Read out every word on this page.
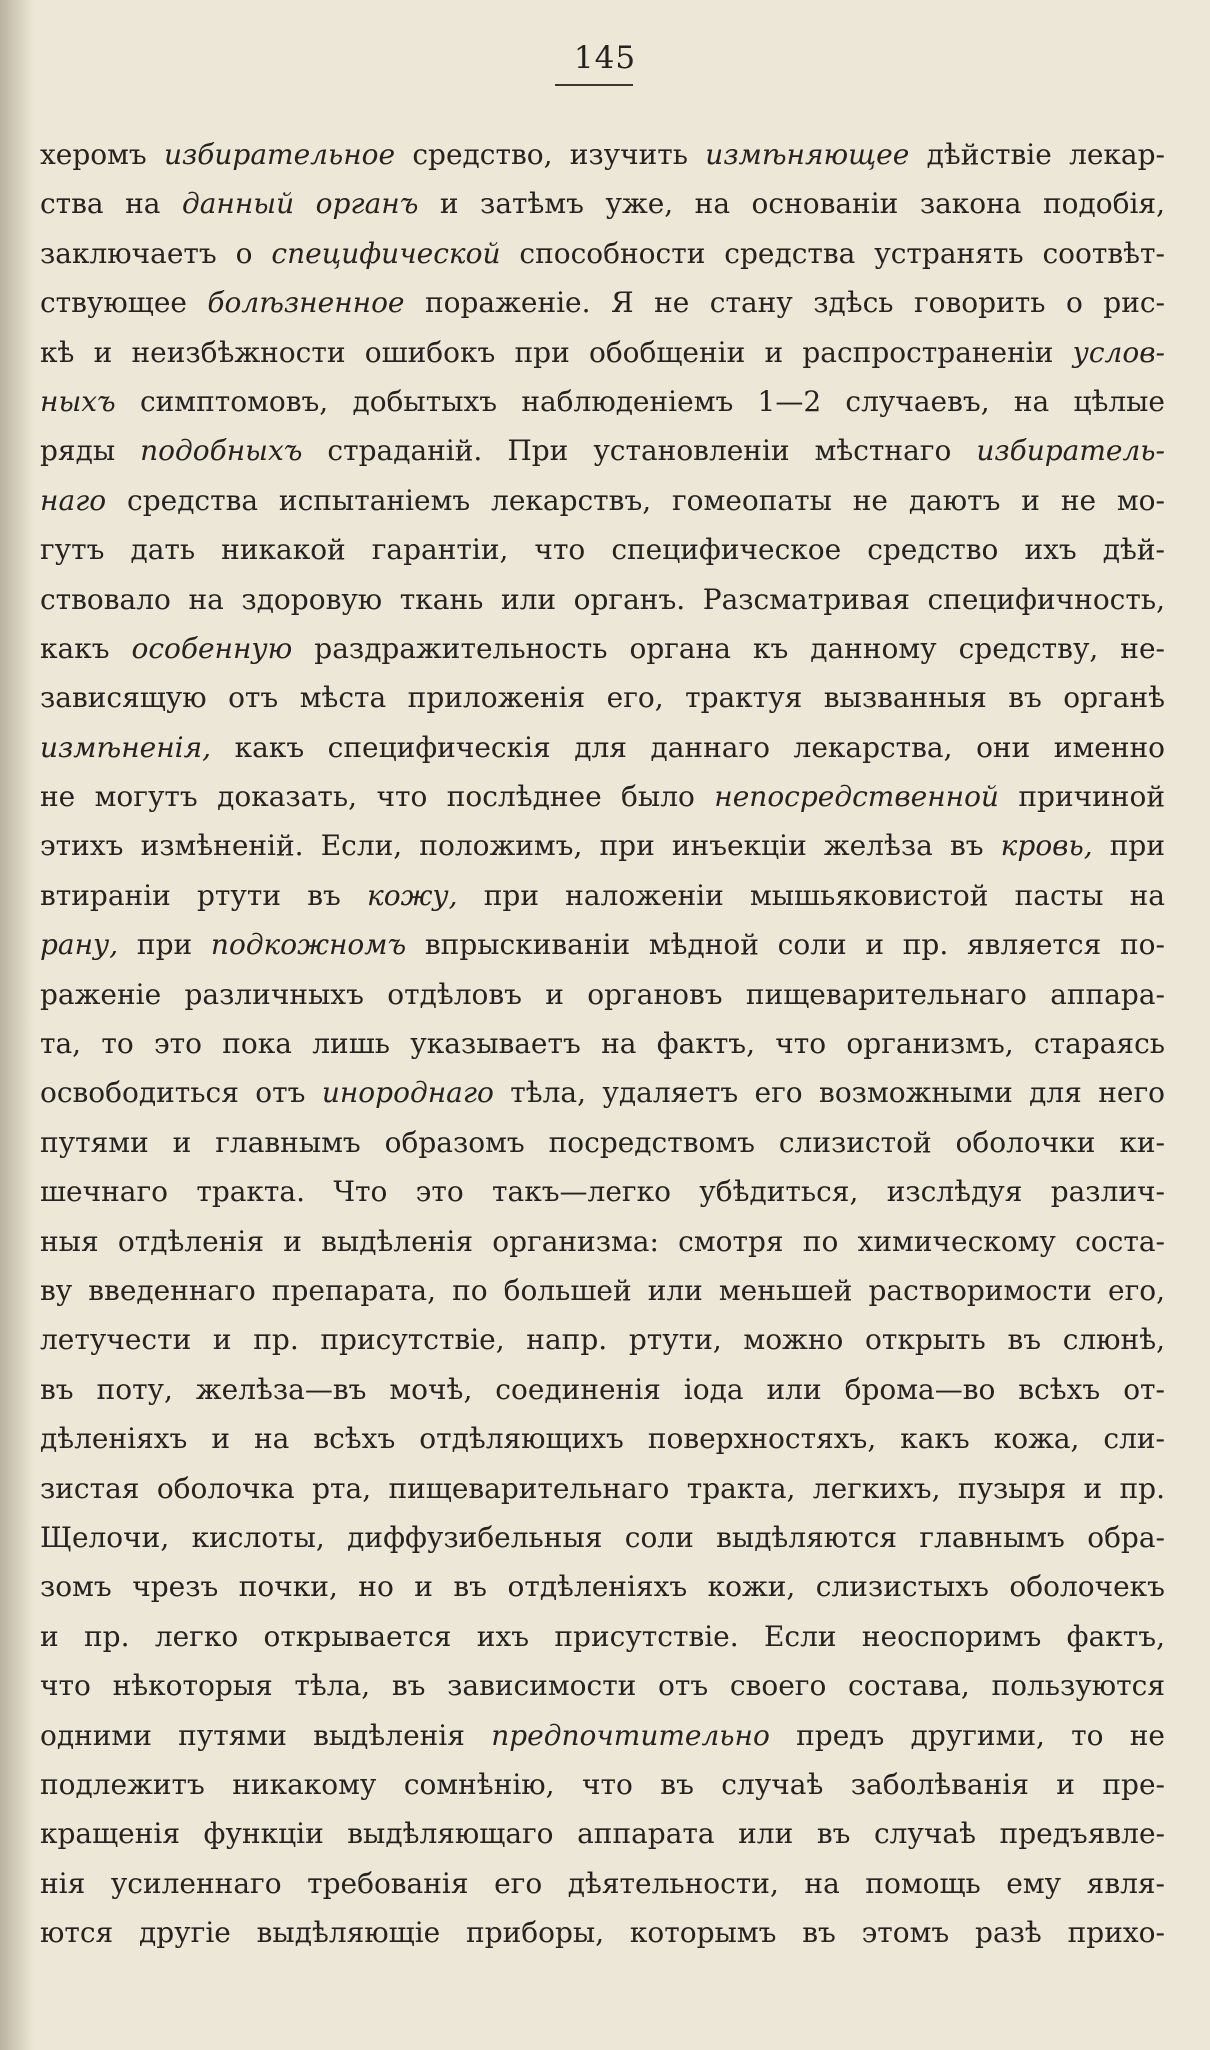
145
херомъ избирательное средство, изучить измѣняющее дѣйствіе лекар-
ства на данный органъ и затѣмъ уже, на основаніи закона подобія,
заключаетъ о специфической способности средства устранять соотвѣт-
ствующее болѣзненное пораженіе. Я не стану здѣсь говорить о рис-
кѣ и неизбѣжности ошибокъ при обобщеніи и распространеніи услов-
ныхъ симптомовъ, добытыхъ наблюденіемъ 1—2 случаевъ, на цѣлые
ряды подобныхъ страданій. При установленіи мѣстнаго избиратель-
наго средства испытаніемъ лекарствъ, гомеопаты не даютъ и не мо-
гутъ дать никакой гарантіи, что специфическое средство ихъ дѣй-
ствовало на здоровую ткань или органъ. Разсматривая специфичность,
какъ особенную раздражительность органа къ данному средству, не-
зависящую отъ мѣста приложенія его, трактуя вызванныя въ органѣ
измѣненія, какъ специфическія для даннаго лекарства, они именно
не могутъ доказать, что послѣднее было непосредственной причиной
этихъ измѣненій. Если, положимъ, при инъекціи желѣза въ кровь, при
втираніи ртути въ кожу, при наложеніи мышьяковистой пасты на
рану, при подкожномъ впрыскиваніи мѣдной соли и пр. является по-
раженіе различныхъ отдѣловъ и органовъ пищеварительнаго аппара-
та, то это пока лишь указываетъ на фактъ, что организмъ, стараясь
освободиться отъ инороднаго тѣла, удаляетъ его возможными для него
путями и главнымъ образомъ посредствомъ слизистой оболочки ки-
шечнаго тракта. Что это такъ—легко убѣдиться, изслѣдуя различ-
ныя отдѣленія и выдѣленія организма: смотря по химическому соста-
ву введеннаго препарата, по большей или меньшей растворимости его,
летучести и пр. присутствіе, напр. ртути, можно открыть въ слюнѣ,
въ поту, желѣза—въ мочѣ, соединенія іода или брома—во всѣхъ от-
дѣленіяхъ и на всѣхъ отдѣляющихъ поверхностяхъ, какъ кожа, сли-
зистая оболочка рта, пищеварительнаго тракта, легкихъ, пузыря и пр.
Щелочи, кислоты, диффузибельныя соли выдѣляются главнымъ обра-
зомъ чрезъ почки, но и въ отдѣленіяхъ кожи, слизистыхъ оболочекъ
и пр. легко открывается ихъ присутствіе. Если неоспоримъ фактъ,
что нѣкоторыя тѣла, въ зависимости отъ своего состава, пользуются
одними путями выдѣленія предпочтительно предъ другими, то не
подлежитъ никакому сомнѣнію, что въ случаѣ заболѣванія и пре-
кращенія функціи выдѣляющаго аппарата или въ случаѣ предъявле-
нія усиленнаго требованія его дѣятельности, на помощь ему явля-
ются другіе выдѣляющіе приборы, которымъ въ этомъ разѣ прихо-
